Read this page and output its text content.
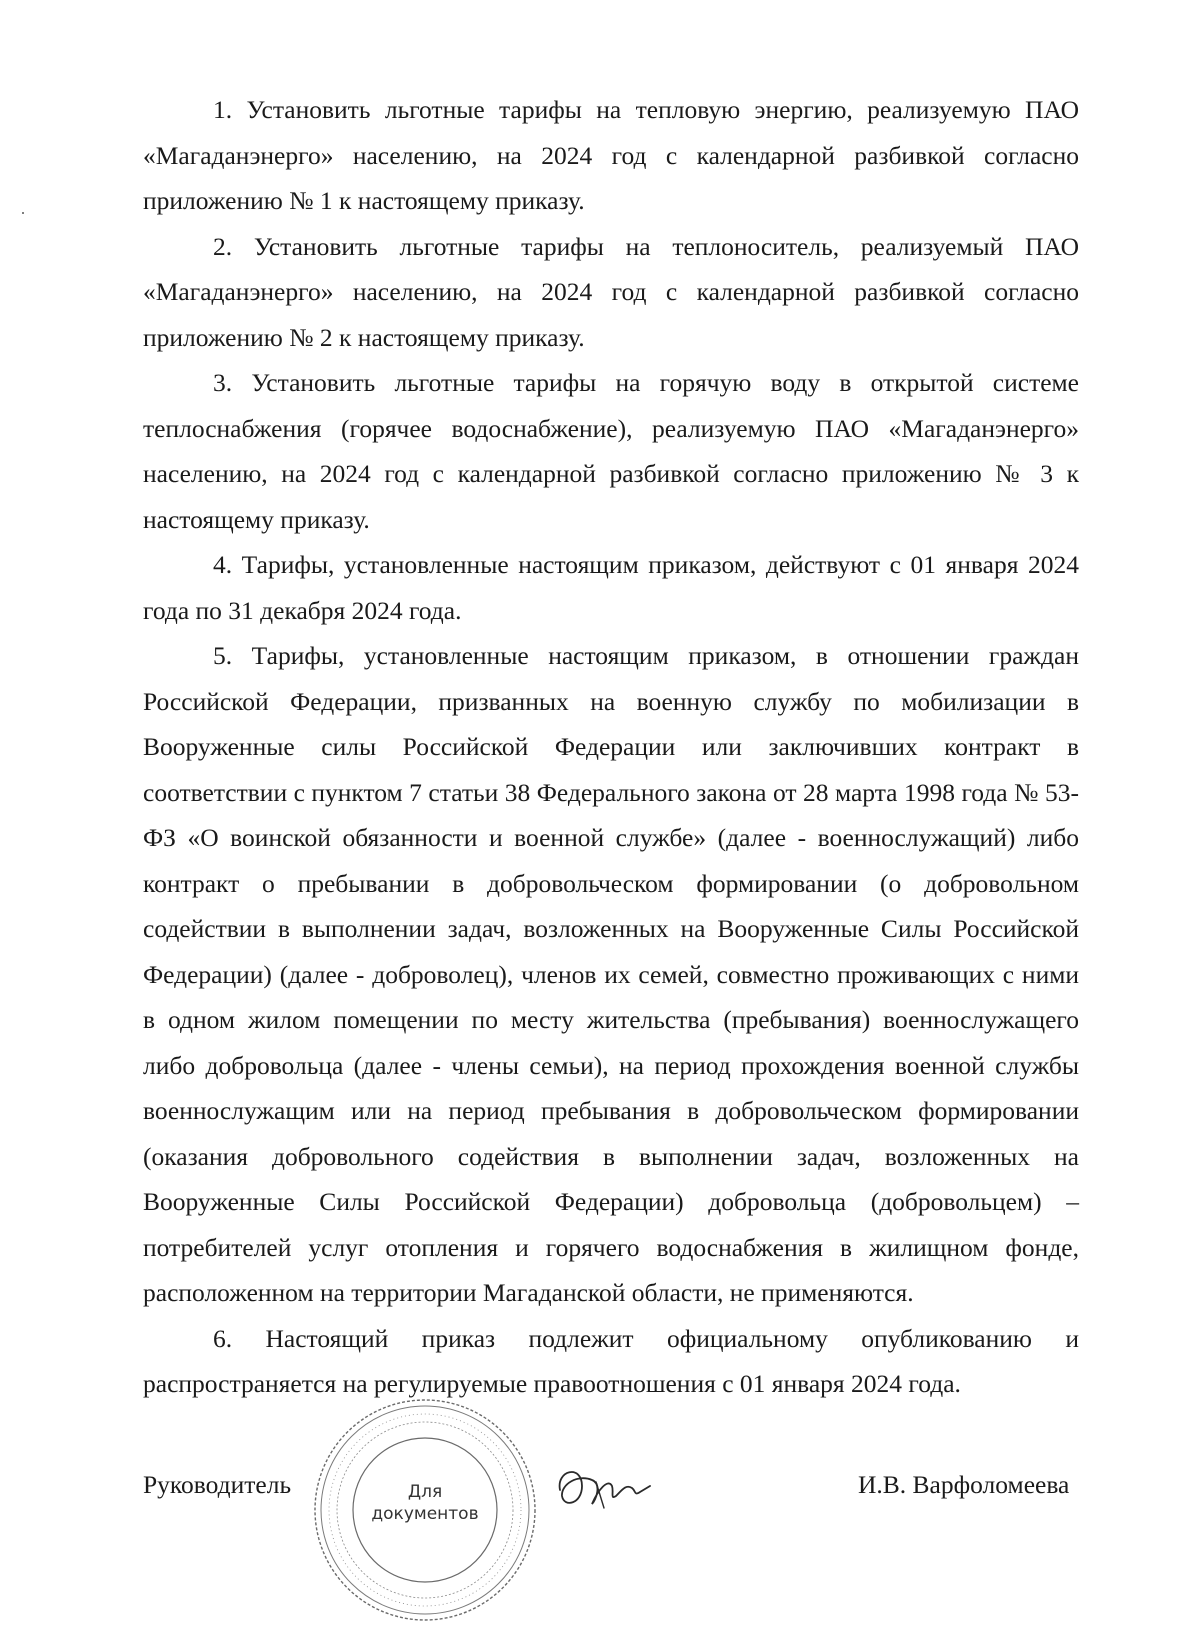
1. Установить льготные тарифы на тепловую энергию, реализуемую ПАО «Магаданэнерго» населению, на 2024 год с календарной разбивкой согласно приложению № 1 к настоящему приказу.

2. Установить льготные тарифы на теплоноситель, реализуемый ПАО «Магаданэнерго» населению, на 2024 год с календарной разбивкой согласно приложению № 2 к настоящему приказу.

3. Установить льготные тарифы на горячую воду в открытой системе теплоснабжения (горячее водоснабжение), реализуемую ПАО «Магаданэнерго» населению, на 2024 год с календарной разбивкой согласно приложению № 3 к настоящему приказу.

4. Тарифы, установленные настоящим приказом, действуют с 01 января 2024 года по 31 декабря 2024 года.

5. Тарифы, установленные настоящим приказом, в отношении граждан Российской Федерации, призванных на военную службу по мобилизации в Вооруженные силы Российской Федерации или заключивших контракт в соответствии с пунктом 7 статьи 38 Федерального закона от 28 марта 1998 года № 53-ФЗ «О воинской обязанности и военной службе» (далее - военнослужащий) либо контракт о пребывании в добровольческом формировании (о добровольном содействии в выполнении задач, возложенных на Вооруженные Силы Российской Федерации) (далее - доброволец), членов их семей, совместно проживающих с ними в одном жилом помещении по месту жительства (пребывания) военнослужащего либо добровольца (далее - члены семьи), на период прохождения военной службы военнослужащим или на период пребывания в добровольческом формировании (оказания добровольного содействия в выполнении задач, возложенных на Вооруженные Силы Российской Федерации) добровольца (добровольцем) – потребителей услуг отопления и горячего водоснабжения в жилищном фонде, расположенном на территории Магаданской области, не применяются.

6. Настоящий приказ подлежит официальному опубликованию и распространяется на регулируемые правоотношения с 01 января 2024 года.

Руководитель	Для
документов
И.В. Варфоломеева
